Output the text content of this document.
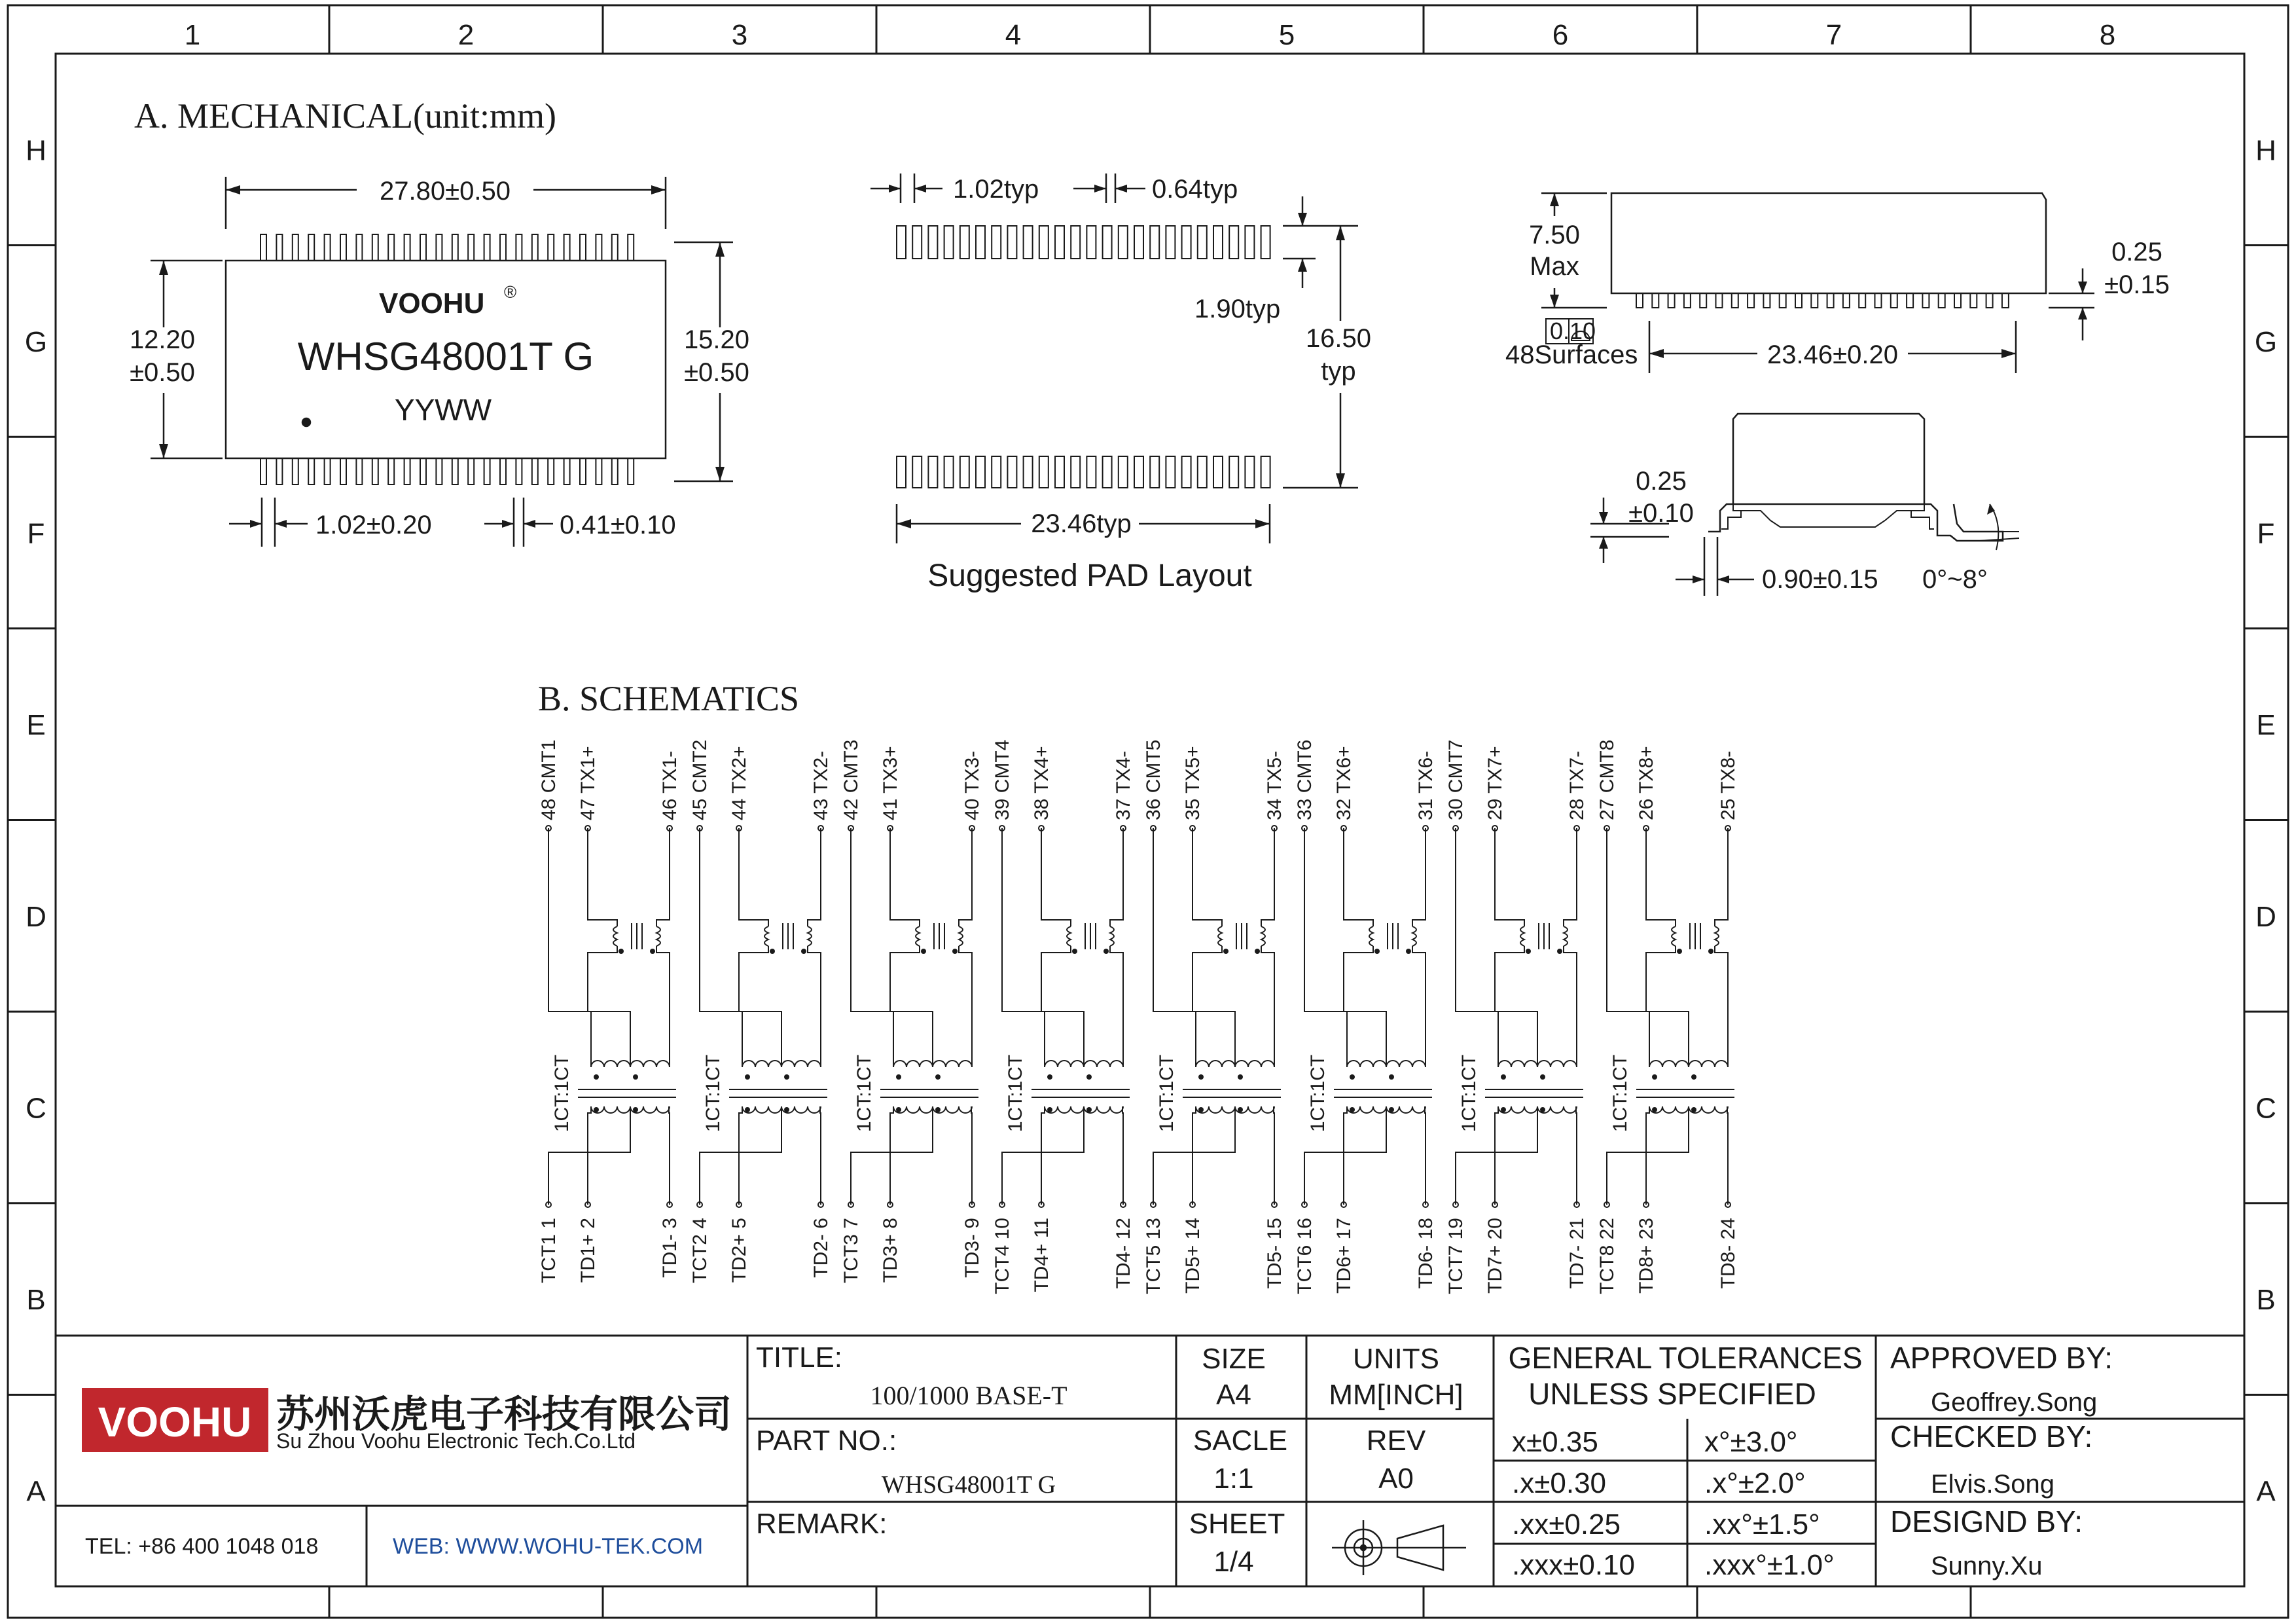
1	2	3	4	5	6	7	8
H	H
G	G
F	F
E	E
D	D
C	C
B	B
A	A
A. MECHANICAL(unit:mm)
VOOHU ®
WHSG48001T G
YYWW
27.80±0.50
12.20
±0.50
15.20
±0.50
1.02±0.20	0.41±0.10
1.02typ	0.64typ
1.90typ
16.50
typ
23.46typ
Suggested PAD Layout
7.50
Max	0.25
±0.15
0.10
48Surfaces	23.46±0.20
0.25
±0.10
0.90±0.15 0°~8°
B. SCHEMATICS
48 CMT1
TCT1 1
47 TX1+
TD1+ 2
46 TX1-
TD1- 3
1CT:1CT
45 CMT2
TCT2 4
44 TX2+
TD2+ 5
43 TX2-
TD2- 6
1CT:1CT
42 CMT3
TCT3 7
41 TX3+
TD3+ 8
40 TX3-
TD3- 9
1CT:1CT
39 CMT4
TCT4 10
38 TX4+
TD4+ 11
37 TX4-
TD4- 12
1CT:1CT
36 CMT5
TCT5 13
35 TX5+
TD5+ 14
34 TX5-
TD5- 15
1CT:1CT
33 CMT6
TCT6 16
32 TX6+
TD6+ 17
31 TX6-
TD6- 18
1CT:1CT
30 CMT7
TCT7 19
29 TX7+
TD7+ 20
28 TX7-
TD7- 21
1CT:1CT
27 CMT8
TCT8 22
26 TX8+
TD8+ 23
25 TX8-
TD8- 24
1CT:1CT
VOOHU 苏州沃虎电子科技有限公司
Su Zhou Voohu Electronic Tech.Co.Ltd
TEL: +86 400 1048 018	WEB: WWW.WOHU-TEK.COM
TITLE:
100/1000 BASE-T
PART NO.:
WHSG48001T G
REMARK:
SIZE
A4
UNITS
MM[INCH]
SACLE
1:1
REV
A0
SHEET
1/4
GENERAL TOLERANCES
UNLESS SPECIFIED
x±0.35	x°±3.0°
.x±0.30	.x°±2.0°
.xx±0.25	.xx°±1.5°
.xxx±0.10 .xxx°±1.0°
APPROVED BY:
Geoffrey.Song
CHECKED BY:
Elvis.Song
DESIGND BY:
Sunny.Xu
